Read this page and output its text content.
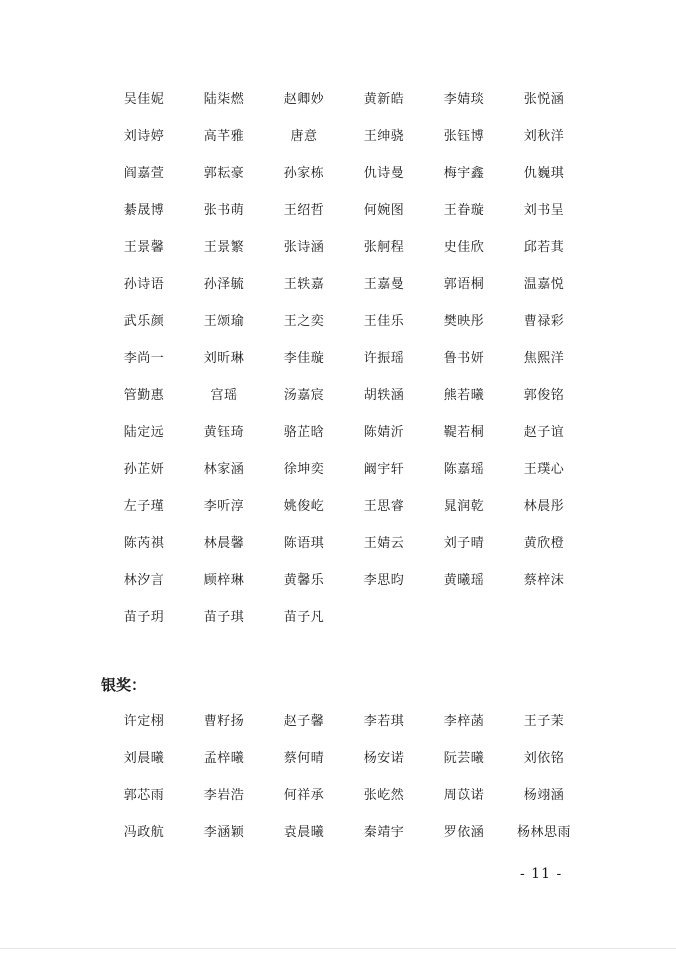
吴佳妮	陆柒燃	赵卿妙	黄新皓	李婧琰	张悦涵
刘诗婷	高芊雅	唐意	王绅骁	张钰博	刘秋洋
阎嘉萱	郭耘豪	孙家栋	仇诗曼	梅宇鑫	仇巍琪
綦晟博	张书萌	王绍哲	何婉图	王眷璇	刘书呈
王景馨	王景繁	张诗涵	张舸程	史佳欣	邱若萁
孙诗语	孙泽毓	王轶嘉	王嘉曼	郭语桐	温嘉悦
武乐颜	王颂瑜	王之奕	王佳乐	樊映彤	曹禄彩
李尚一	刘昕琳	李佳璇	许振瑶	鲁书妍	焦熙洋
管勤惠	宫瑶	汤嘉宸	胡轶涵	熊若曦	郭俊铭
陆定远	黄钰琦	骆芷晗	陈婧沂	鞮若桐	赵子谊
孙芷妍	林家涵	徐坤奕	阚宇轩	陈嘉瑶	王璞心
左子瑾	李听淳	姚俊屹	王思睿	晁润乾	林晨彤
陈芮祺	林晨馨	陈语琪	王婧云	刘子晴	黄欣橙
林汐言	顾梓琳	黄馨乐	李思昀	黄曦瑶	蔡梓沫
苗子玥	苗子琪	苗子凡
银奖：
许定栩	曹籽扬	赵子馨	李若琪	李梓菡	王子茉
刘晨曦	孟梓曦	蔡何晴	杨安诺	阮芸曦	刘依铭
郭芯雨	李岩浩	何祥承	张屹然	周苡诺	杨翊涵
冯政航	李涵颖	袁晨曦	秦靖宇	罗依涵	杨林思雨
- 11 -
